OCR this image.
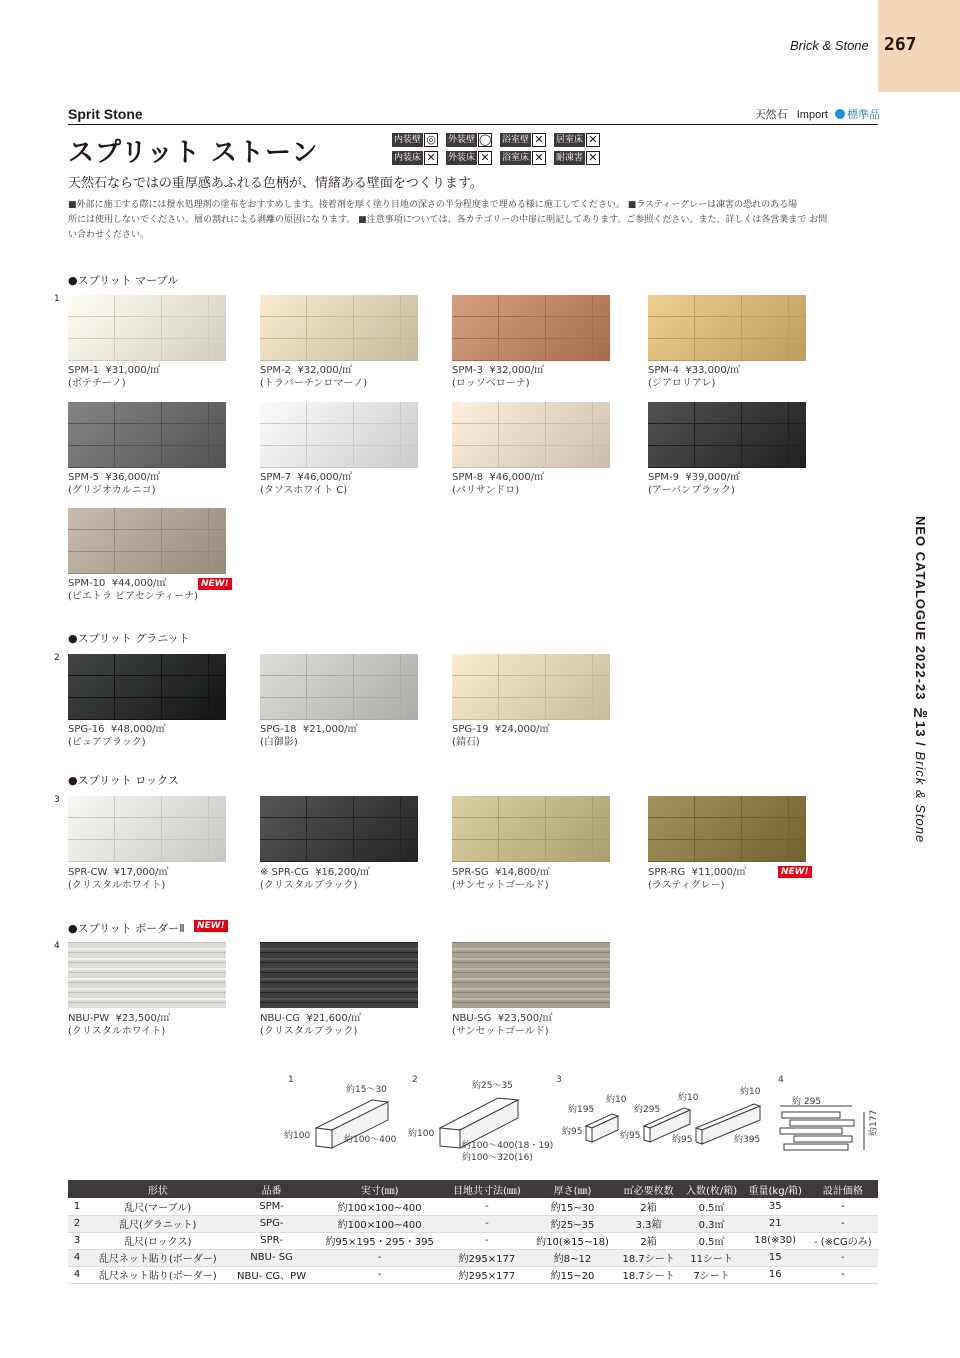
267
Brick & Stone
Sprit Stone	天然石 Import 標準品
スプリット ストーン	内装壁 ◎ 外装壁 ◯ 浴室壁 ✕ 居室床 ✕
内装床 ✕ 外装床 ✕ 浴室床 ✕ 耐凍害 ✕
天然石ならではの重厚感あふれる色柄が、情緒ある壁面をつくります。
■外部に施工する際には撥水処理剤の塗布をおすすめします。接着剤を厚く塗り目地の深さの半分程度まで埋める様に施工してください。 ■ラスティーグレーは凍害の恐れのある場
所には使用しないでください。層の割れによる剥離の原因になります。 ■注意事項については、各カテゴリーの中扉に明記してあります。ご参照ください。また、詳しくは各営業まで お問
い合わせください。
●スプリット マーブル
1
SPM-1 ¥31,000/㎡
(ボテチーノ)
SPM-2 ¥32,000/㎡
(トラバーチンロマーノ)
SPM-3 ¥32,000/㎡
(ロッソベローナ)
SPM-4 ¥33,000/㎡
(ジアロリアレ)
SPM-5 ¥36,000/㎡
(グリジオカルニコ)
SPM-7 ¥46,000/㎡
(タソスホワイト C)
SPM-8 ¥46,000/㎡
(パリサンドロ)
SPM-9 ¥39,000/㎡
(アーバンブラック)
SPM-10 ¥44,000/㎡
(ピエトラ ピアセンティーナ)
NEW!
●スプリット グラニット
2
SPG-16 ¥48,000/㎡
(ピュアブラック)
SPG-18 ¥21,000/㎡
(白御影)
SPG-19 ¥24,000/㎡
(錆石)
●スプリット ロックス
3
SPR-CW ¥17,000/㎡
(クリスタルホワイト)
※ SPR-CG ¥16,200/㎡
(クリスタルブラック)
SPR-SG ¥14,800/㎡
(サンセットゴールド)
SPR-RG ¥11,000/㎡
(ラスティグレー)
NEW!
●スプリット ボーダーⅡ	NEW!
4
NBU-PW ¥23,500/㎡
(クリスタルホワイト)
NBU-CG ¥21,600/㎡
(クリスタルブラック)
NBU-SG ¥23,500/㎡
(サンセットゴールド)
1
約15～30
約100	約100～400
2
約25～35
約100
約100～400(18・19)
約100～320(16)
3
約10
約195
約95
約10
約295
約95
約10
約95	約395
4
約 295
約177
	形状	品番	実寸(㎜)	目地共寸法(㎜)	厚さ(㎜)	㎡必要枚数	入数(枚/箱)	重量(kg/箱)	設計価格
1	乱尺(マーブル)	SPM-	約100×100~400	-	約15~30	2箱	0.5㎡	35	-
2	乱尺(グラニット)	SPG-	約100×100~400	-	約25~35	3.3箱	0.3㎡	21	-
3	乱尺(ロックス)	SPR-	約95×195・295・395	-	約10(※15~18)	2箱	0.5㎡	18(※30)	- (※CGのみ)
4	乱尺ネット貼り(ボーダー)	NBU- SG	-	約295×177	約8~12	18.7シート	11シート	15	-
4	乱尺ネット貼り(ボーダー)	NBU- CG、PW	-	約295×177	約15~20	18.7シート	7シート	16	-
NEO CATALOGUE 2022-23 №13 / Brick & Stone
